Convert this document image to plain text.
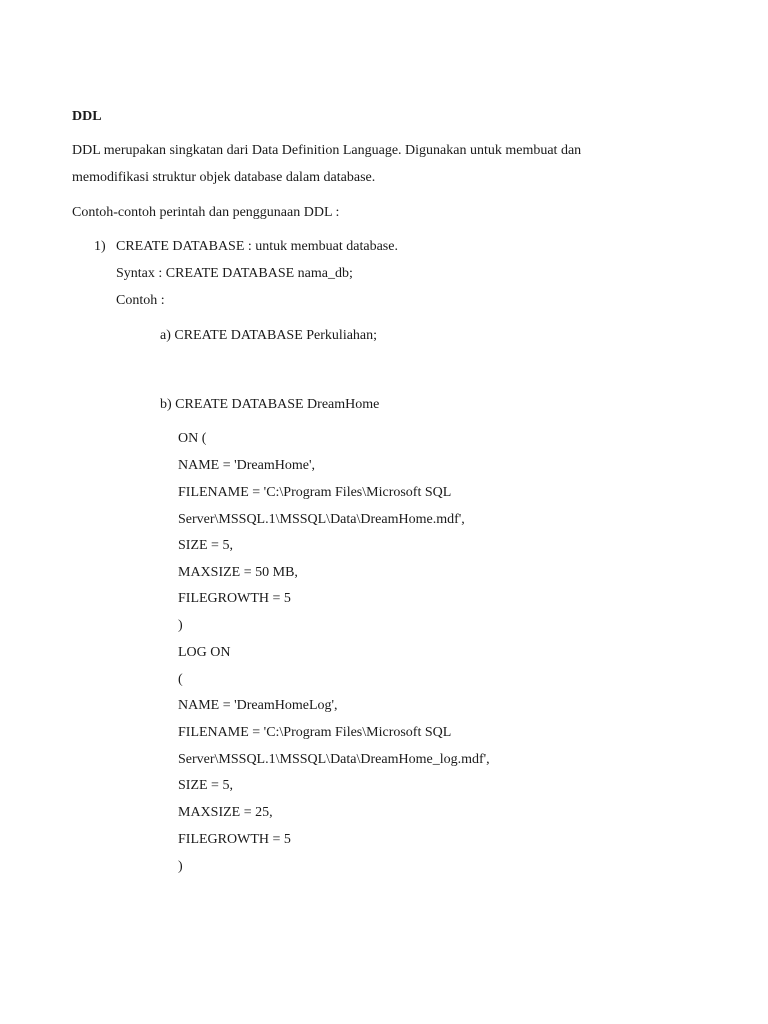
DDL
DDL merupakan singkatan dari Data Definition Language. Digunakan untuk membuat dan
memodifikasi struktur objek database dalam database.
Contoh-contoh perintah dan penggunaan DDL :
1) CREATE DATABASE : untuk membuat database.
Syntax : CREATE DATABASE nama_db;
Contoh :
a) CREATE DATABASE Perkuliahan;
b) CREATE DATABASE DreamHome
ON (
NAME = 'DreamHome',
FILENAME = 'C:\Program Files\Microsoft SQL
Server\MSSQL.1\MSSQL\Data\DreamHome.mdf',
SIZE = 5,
MAXSIZE = 50 MB,
FILEGROWTH = 5
)
LOG ON
(
NAME = 'DreamHomeLog',
FILENAME = 'C:\Program Files\Microsoft SQL
Server\MSSQL.1\MSSQL\Data\DreamHome_log.mdf',
SIZE = 5,
MAXSIZE = 25,
FILEGROWTH = 5
)
